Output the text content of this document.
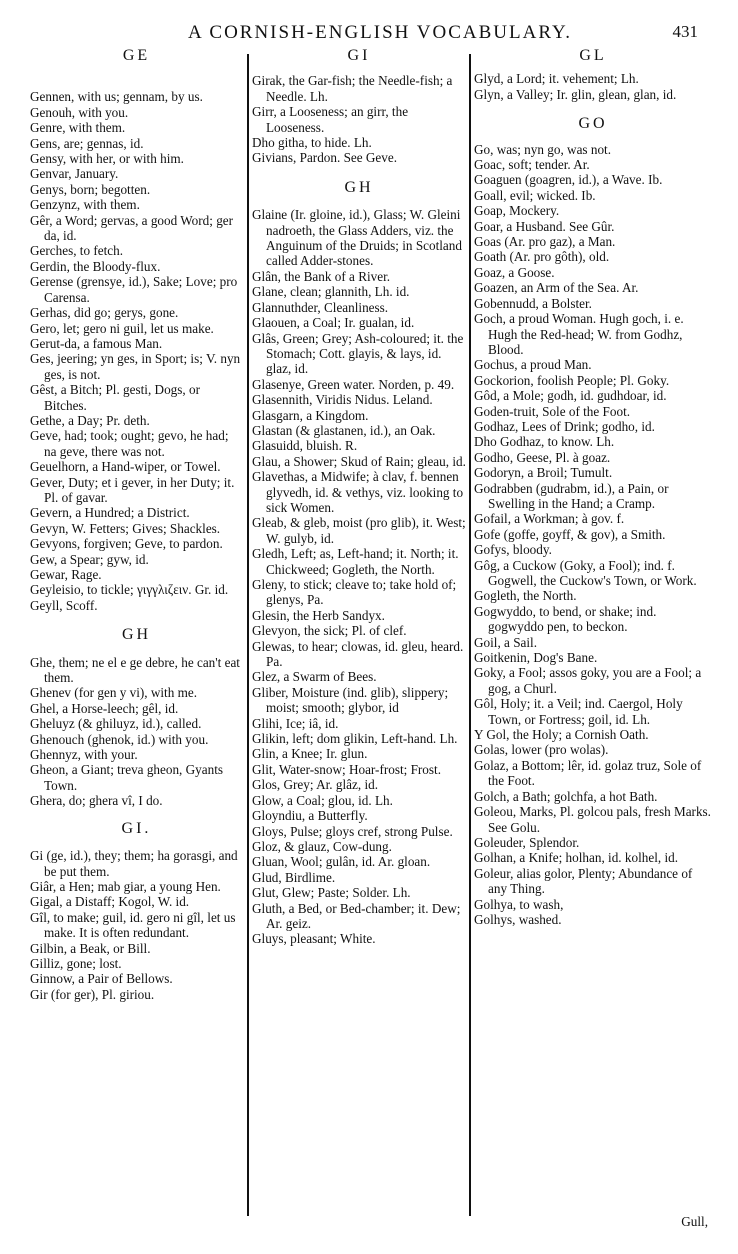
A CORNISH-ENGLISH VOCABULARY.	431
GE

Gennen, with us; gennam, by us.

Genouh, with you.

Genre, with them.

Gens, are; gennas, id.

Gensy, with her, or with him.

Genvar, January.

Genys, born; begotten.

Genzynz, with them.

Gêr, a Word; gervas, a good Word; ger da, id.

Gerches, to fetch.

Gerdin, the Bloody-flux.

Gerense (grensye, id.), Sake; Love; pro Carensa.

Gerhas, did go; gerys, gone.

Gero, let; gero ni guil, let us make.

Gerut-da, a famous Man.

Ges, jeering; yn ges, in Sport; is; V. nyn ges, is not.

Gêst, a Bitch; Pl. gesti, Dogs, or Bitches.

Gethe, a Day; Pr. deth.

Geve, had; took; ought; gevo, he had; na geve, there was not.

Geuelhorn, a Hand-wiper, or Towel.

Gever, Duty; et i gever, in her Duty; it. Pl. of gavar.

Gevern, a Hundred; a District.

Gevyn, W. Fetters; Gives; Shackles.

Gevyons, forgiven; Geve, to pardon.

Gew, a Spear; gyw, id.

Gewar, Rage.

Geyleisio, to tickle; γιγγλιζειν. Gr. id.

Geyll, Scoff.

GH

Ghe, them; ne el e ge debre, he can't eat them.

Ghenev (for gen y vi), with me.

Ghel, a Horse-leech; gêl, id.

Gheluyz (& ghiluyz, id.), called.

Ghenouch (ghenok, id.) with you.

Ghennyz, with your.

Gheon, a Giant; treva gheon, Gyants Town.

Ghera, do; ghera vî, I do.

GI.

Gi (ge, id.), they; them; ha gorasgi, and be put them.

Giâr, a Hen; mab giar, a young Hen.

Gigal, a Distaff; Kogol, W. id.

Gîl, to make; guil, id. gero ni gîl, let us make. It is often redundant.

Gilbin, a Beak, or Bill.

Gilliz, gone; lost.

Ginnow, a Pair of Bellows.

Gir (for ger), Pl. giriou.

GI

Girak, the Gar-fish; the Needle-fish; a Needle. Lh.

Girr, a Looseness; an girr, the Looseness.

Dho githa, to hide. Lh.

Givians, Pardon. See Geve.

GH

Glaine (Ir. gloine, id.), Glass; W. Gleini nadroeth, the Glass Adders, viz. the Anguinum of the Druids; in Scotland called Adder-stones.

Glân, the Bank of a River.

Glane, clean; glannith, Lh. id.

Glannuthder, Cleanliness.

Glaouen, a Coal; Ir. gualan, id.

Glâs, Green; Grey; Ash-coloured; it. the Stomach; Cott. glayis, & lays, id. glaz, id.

Glasenye, Green water. Norden, p. 49.

Glasennith, Viridis Nidus. Leland.

Glasgarn, a Kingdom.

Glastan (& glastanen, id.), an Oak.

Glasuidd, bluish. R.

Glau, a Shower; Skud of Rain; gleau, id.

Glavethas, a Midwife; à clav, f. bennen glyvedh, id. & vethys, viz. looking to sick Women.

Gleab, & gleb, moist (pro glib), it. West; W. gulyb, id.

Gledh, Left; as, Left-hand; it. North; it. Chickweed; Gogleth, the North.

Gleny, to stick; cleave to; take hold of; glenys, Pa.

Glesin, the Herb Sandyx.

Glevyon, the sick; Pl. of clef.

Glewas, to hear; clowas, id. gleu, heard. Pa.

Glez, a Swarm of Bees.

Gliber, Moisture (ind. glib), slippery; moist; smooth; glybor, id

Glihi, Ice; iâ, id.

Glikin, left; dom glikin, Left-hand. Lh.

Glin, a Knee; Ir. glun.

Glit, Water-snow; Hoar-frost; Frost.

Glos, Grey; Ar. glâz, id.

Glow, a Coal; glou, id. Lh.

Gloyndiu, a Butterfly.

Gloys, Pulse; gloys cref, strong Pulse.

Gloz, & glauz, Cow-dung.

Gluan, Wool; gulân, id. Ar. gloan.

Glud, Birdlime.

Glut, Glew; Paste; Solder. Lh.

Gluth, a Bed, or Bed-chamber; it. Dew; Ar. geiz.

Gluys, pleasant; White.

GL

Glyd, a Lord; it. vehement; Lh.

Glyn, a Valley; Ir. glin, glean, glan, id.

GO

Go, was; nyn go, was not.

Goac, soft; tender. Ar.

Goaguen (goagren, id.), a Wave. Ib.

Goall, evil; wicked. Ib.

Goap, Mockery.

Goar, a Husband. See Gûr.

Goas (Ar. pro gaz), a Man.

Goath (Ar. pro gôth), old.

Goaz, a Goose.

Goazen, an Arm of the Sea. Ar.

Gobennudd, a Bolster.

Goch, a proud Woman. Hugh goch, i. e. Hugh the Red-head; W. from Godhz, Blood.

Gochus, a proud Man.

Gockorion, foolish People; Pl. Goky.

Gôd, a Mole; godh, id. gudhdoar, id.

Goden-truit, Sole of the Foot.

Godhaz, Lees of Drink; godho, id.

Dho Godhaz, to know. Lh.

Godho, Geese, Pl. à goaz.

Godoryn, a Broil; Tumult.

Godrabben (gudrabm, id.), a Pain, or Swelling in the Hand; a Cramp.

Gofail, a Workman; à gov. f.

Gofe (goffe, goyff, & gov), a Smith.

Gofys, bloody.

Gôg, a Cuckow (Goky, a Fool); ind. f. Gogwell, the Cuckow's Town, or Work.

Gogleth, the North.

Gogwyddo, to bend, or shake; ind. gogwyddo pen, to beckon.

Goil, a Sail.

Goitkenin, Dog's Bane.

Goky, a Fool; assos goky, you are a Fool; a gog, a Churl.

Gôl, Holy; it. a Veil; ind. Caergol, Holy Town, or Fortress; goil, id. Lh.

Y Gol, the Holy; a Cornish Oath.

Golas, lower (pro wolas).

Golaz, a Bottom; lêr, id. golaz truz, Sole of the Foot.

Golch, a Bath; golchfa, a hot Bath.

Goleou, Marks, Pl. golcou pals, fresh Marks. See Golu.

Goleuder, Splendor.

Golhan, a Knife; holhan, id. kolhel, id.

Goleur, alias golor, Plenty; Abundance of any Thing.

Golhya, to wash,

Golhys, washed.

Gull,
